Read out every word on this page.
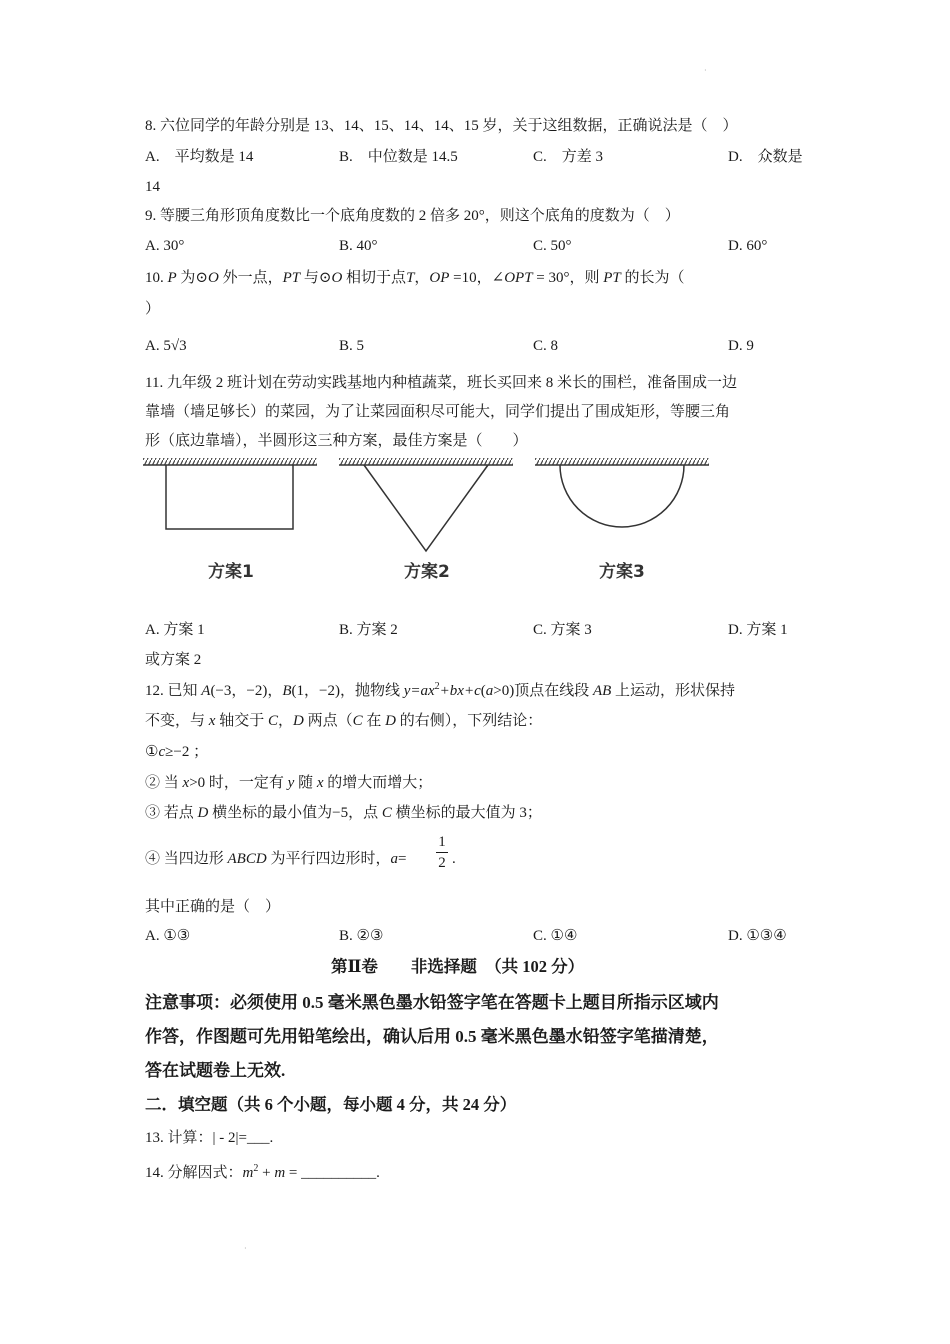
·
8. 六位同学的年龄分别是 13、14、15、14、14、15 岁，关于这组数据，正确说法是（　）
A.　平均数是 14	B.　中位数是 14.5	C.　方差 3	D.　众数是
14
9. 等腰三角形顶角度数比一个底角度数的 2 倍多 20°，则这个底角的度数为（　）
A. 30°	B. 40°	C. 50°	D. 60°
10. P 为⊙O 外一点，PT 与⊙O 相切于点T，OP =10，∠OPT = 30°，则 PT 的长为（
）
A. 5√3	B. 5	C. 8	D. 9
11. 九年级 2 班计划在劳动实践基地内种植蔬菜，班长买回来 8 米长的围栏，准备围成一边
靠墙（墙足够长）的菜园，为了让菜园面积尽可能大，同学们提出了围成矩形，等腰三角
形（底边靠墙），半圆形这三种方案，最佳方案是（　　）
方案1	方案2	方案3
A. 方案 1	B. 方案 2	C. 方案 3	D. 方案 1
或方案 2
12. 已知 A(−3，−2)，B(1，−2)，抛物线 $y=ax^2+bx+c(a>0)$顶点在线段 AB 上运动，形状保持
不变，与 x 轴交于 C，D 两点（C 在 D 的右侧），下列结论：
①c≥−2 ；
② 当 x>0 时，一定有 y 随 x 的增大而增大；
③ 若点 D 横坐标的最小值为−5，点 C 横坐标的最大值为 3；
④ 当四边形 ABCD 为平行四边形时，a=
1
2 .
其中正确的是（　）
A. ①③	B. ②③	C. ①④	D. ①③④
第Ⅱ卷　　非选择题　（共 102 分）
注意事项：必须使用 0.5 毫米黑色墨水铅签字笔在答题卡上题目所指示区域内
作答，作图题可先用铅笔绘出，确认后用 0.5 毫米黑色墨水铅签字笔描清楚，
答在试题卷上无效.
二．填空题（共 6 个小题，每小题 4 分，共 24 分）
13. 计算：| - 2|=___.
14. 分解因式：$m^2 + m$ = __________.
·
